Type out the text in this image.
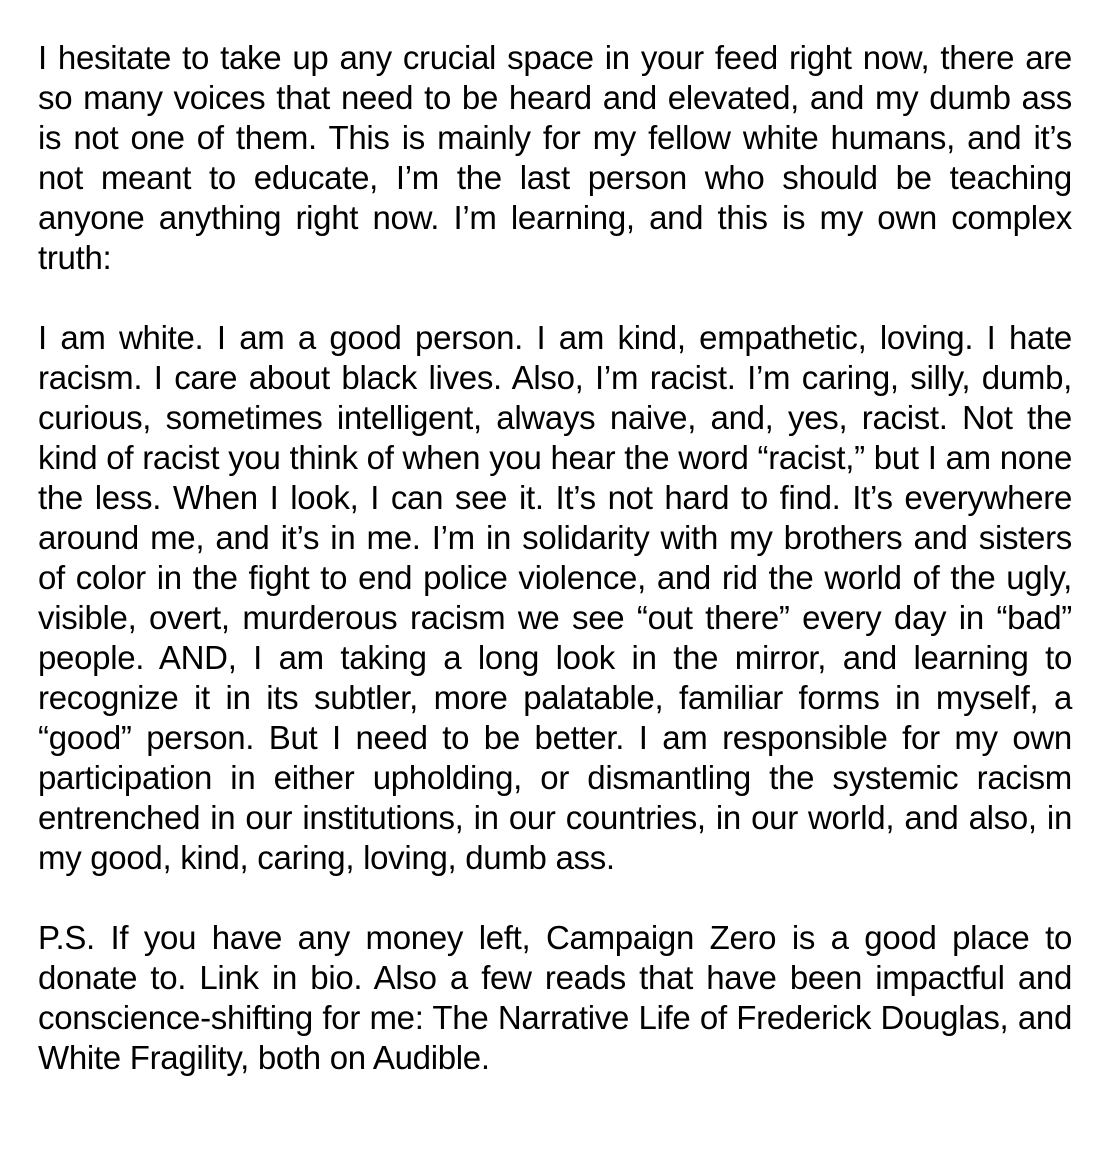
I hesitate to take up any crucial space in your feed right now, there are so many voices that need to be heard and elevated, and my dumb ass is not one of them. This is mainly for my fellow white humans, and it’s not meant to educate, I’m the last person who should be teaching anyone anything right now. I’m learning, and this is my own complex truth:

I am white. I am a good person. I am kind, empathetic, loving. I hate racism. I care about black lives. Also, I’m racist. I’m caring, silly, dumb, curious, sometimes intelligent, always naive, and, yes, racist. Not the kind of racist you think of when you hear the word “racist,” but I am none the less. When I look, I can see it. It’s not hard to find. It’s everywhere around me, and it’s in me. I’m in solidarity with my brothers and sisters of color in the fight to end police violence, and rid the world of the ugly, visible, overt, murderous racism we see “out there” every day in “bad” people. AND, I am taking a long look in the mirror, and learning to recognize it in its subtler, more palatable, familiar forms in myself, a “good” person. But I need to be better. I am responsible for my own participation in either upholding, or dismantling the systemic racism entrenched in our institutions, in our countries, in our world, and also, in my good, kind, caring, loving, dumb ass.

P.S. If you have any money left, Campaign Zero is a good place to donate to. Link in bio. Also a few reads that have been impactful and conscience-shifting for me: The Narrative Life of Frederick Douglas, and White Fragility, both on Audible.
